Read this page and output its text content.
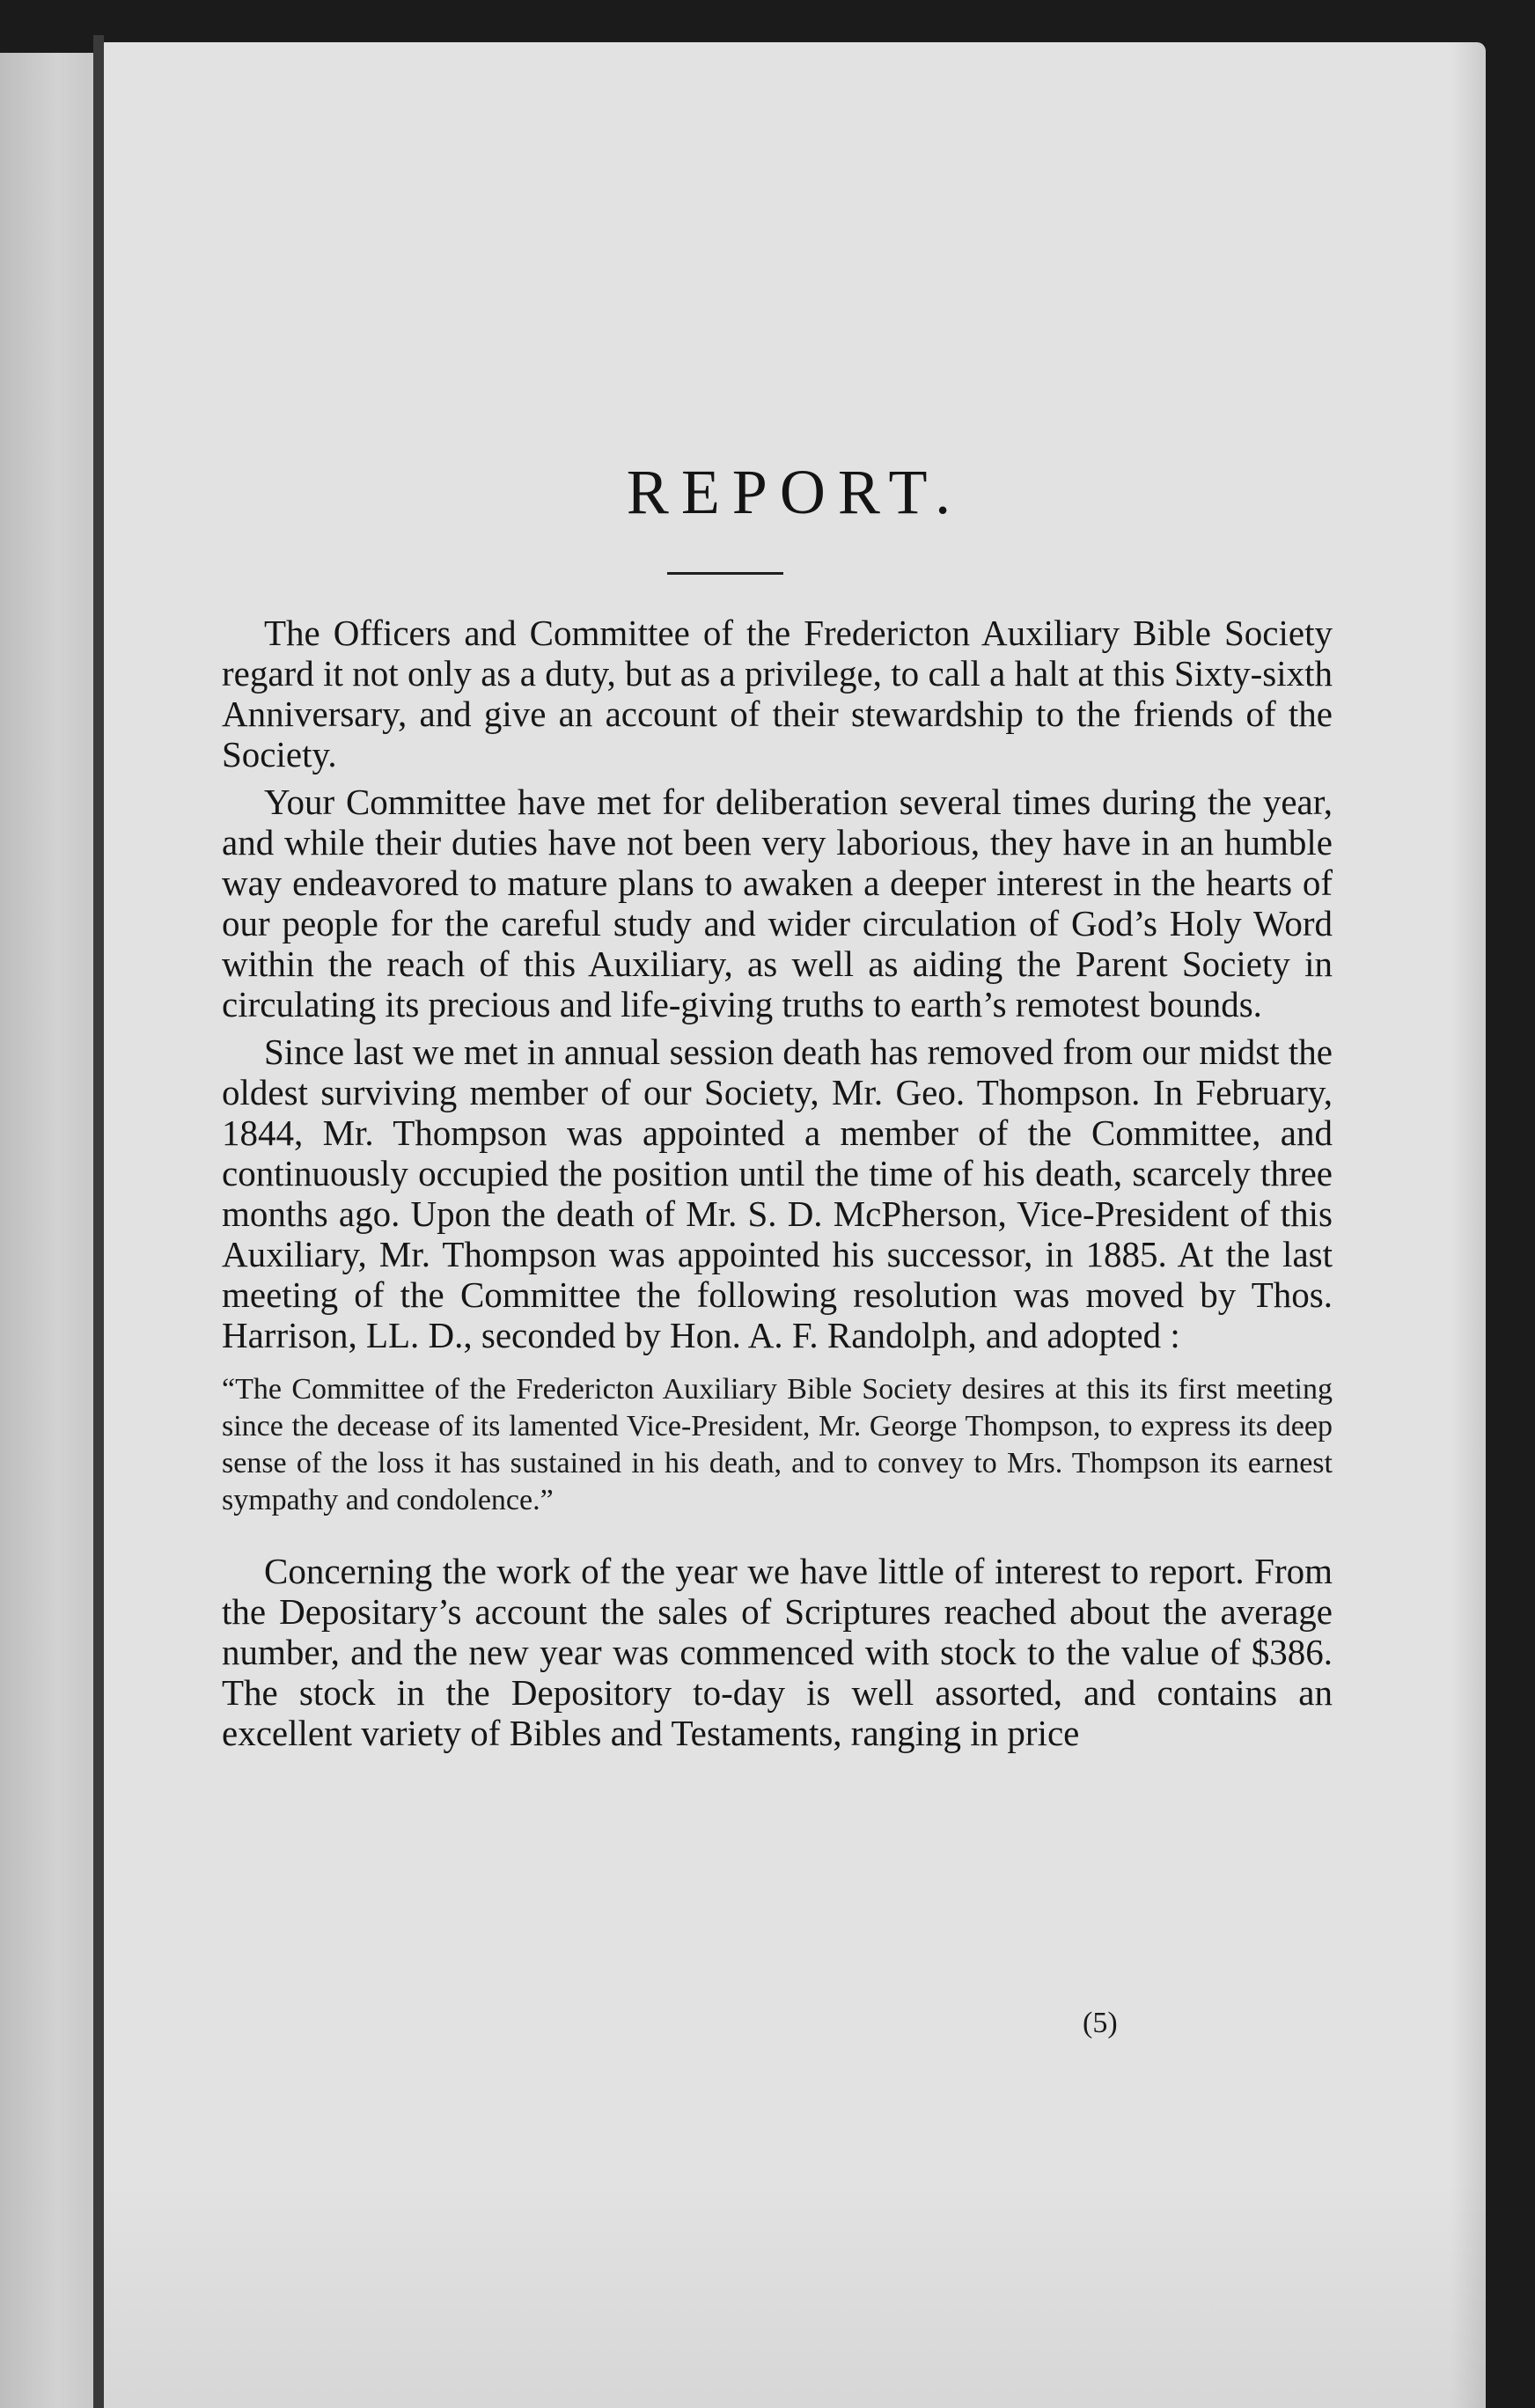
REPORT.

The Officers and Committee of the Fredericton Auxiliary Bible Society regard it not only as a duty, but as a privilege, to call a halt at this Sixty-sixth Anniversary, and give an account of their stewardship to the friends of the Society.

Your Committee have met for deliberation several times during the year, and while their duties have not been very laborious, they have in an humble way endeavored to mature plans to awaken a deeper interest in the hearts of our people for the careful study and wider circulation of God’s Holy Word within the reach of this Auxiliary, as well as aiding the Parent Society in circulating its precious and life-giving truths to earth’s remotest bounds.

Since last we met in annual session death has removed from our midst the oldest surviving member of our Society, Mr. Geo. Thompson. In February, 1844, Mr. Thompson was appointed a member of the Committee, and continuously occupied the position until the time of his death, scarcely three months ago. Upon the death of Mr. S. D. McPherson, Vice-President of this Auxiliary, Mr. Thompson was appointed his successor, in 1885. At the last meeting of the Committee the following resolution was moved by Thos. Harrison, LL. D., seconded by Hon. A. F. Randolph, and adopted :

“The Committee of the Fredericton Auxiliary Bible Society desires at this its first meeting since the decease of its lamented Vice-President, Mr. George Thompson, to express its deep sense of the loss it has sustained in his death, and to convey to Mrs. Thompson its earnest sympathy and condolence.”

Concerning the work of the year we have little of interest to report. From the Depositary’s account the sales of Scriptures reached about the average number, and the new year was commenced with stock to the value of $386. The stock in the Depository to-day is well assorted, and contains an excellent variety of Bibles and Testaments, ranging in price

(5)
